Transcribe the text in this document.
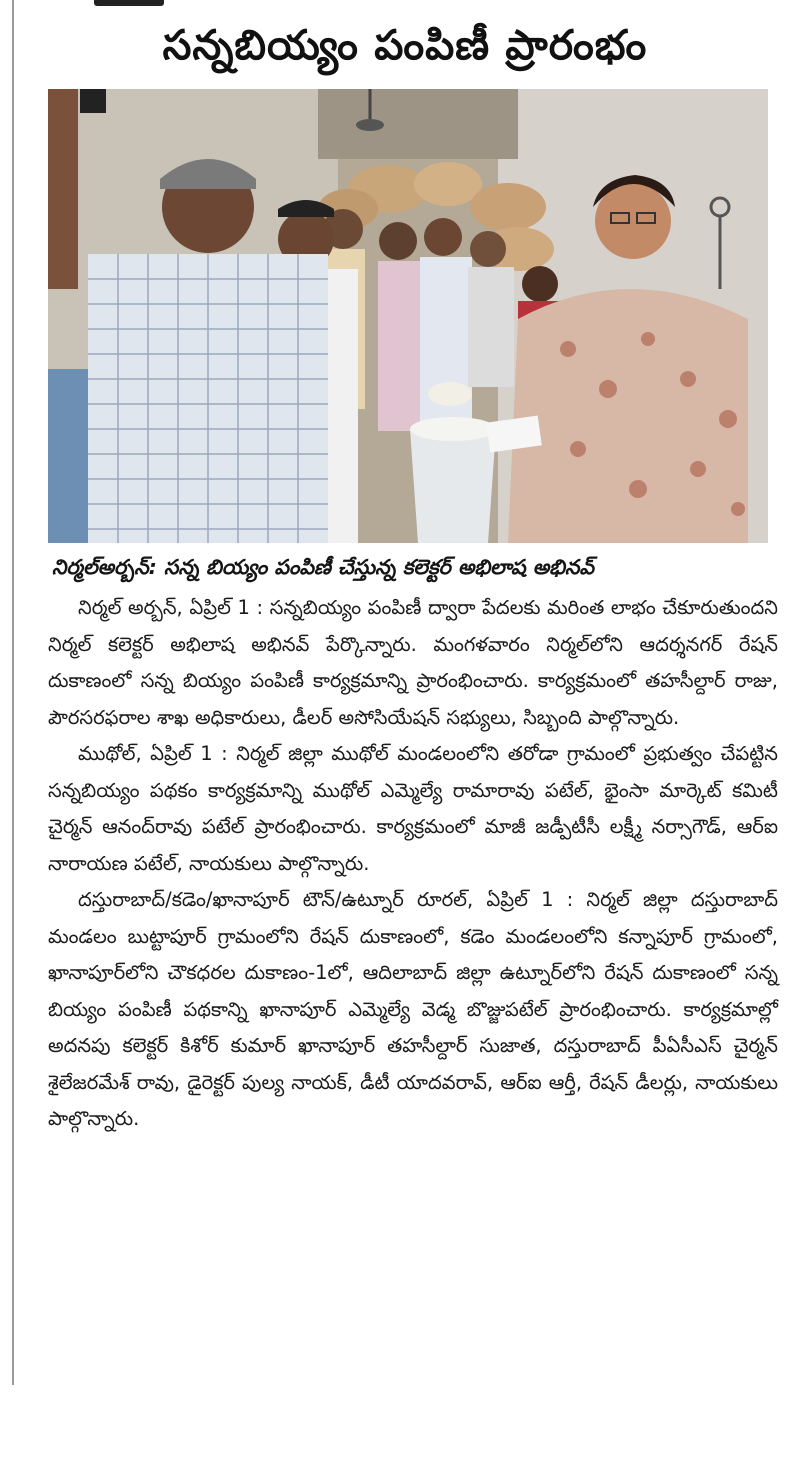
సన్నబియ్యం పంపిణీ ప్రారంభం
నిర్మల్‌అర్బన్‌: సన్న బియ్యం పంపిణీ చేస్తున్న కలెక్టర్‌ అభిలాష అభినవ్‌

నిర్మల్ అర్బన్, ఏప్రిల్ 1 : సన్నబియ్యం పంపిణీ ద్వారా పేదలకు మరింత లాభం చేకూరుతుందని నిర్మల్ కలెక్టర్ అభిలాష అభినవ్ పేర్కొన్నారు. మంగళవారం నిర్మల్‌లోని ఆదర్శనగర్ రేషన్ దుకాణంలో సన్న బియ్యం పంపిణీ కార్యక్రమాన్ని ప్రారంభించారు. కార్యక్రమంలో తహసీల్దార్ రాజు, పౌరసరఫరాల శాఖ అధికారులు, డీలర్ అసోసియేషన్ సభ్యులు, సిబ్బంది పాల్గొన్నారు.

ముథోల్, ఏప్రిల్ 1 : నిర్మల్ జిల్లా ముథోల్ మండలంలోని తరోడా గ్రామంలో ప్రభుత్వం చేపట్టిన సన్నబియ్యం పథకం కార్యక్రమాన్ని ముథోల్ ఎమ్మెల్యే రామారావు పటేల్, భైంసా మార్కెట్ కమిటీ చైర్మన్ ఆనంద్‌రావు పటేల్ ప్రారంభించారు. కార్యక్రమంలో మాజీ జడ్పీటీసీ లక్ష్మీ నర్సాగౌడ్, ఆర్ఐ నారాయణ పటేల్, నాయకులు పాల్గొన్నారు.

దస్తురాబాద్/కడెం/ఖానాపూర్ టౌన్/ఉట్నూర్ రూరల్, ఏప్రిల్ 1 : నిర్మల్ జిల్లా దస్తురాబాద్ మండలం బుట్టాపూర్ గ్రామంలోని రేషన్ దుకాణంలో, కడెం మండలంలోని కన్నాపూర్ గ్రామంలో, ఖానాపూర్‌లోని చౌకధరల దుకాణం-1లో, ఆదిలాబాద్ జిల్లా ఉట్నూర్‌లోని రేషన్ దుకాణంలో సన్న బియ్యం పంపిణీ పథకాన్ని ఖానాపూర్ ఎమ్మెల్యే వెడ్మ బొజ్జుపటేల్ ప్రారంభించారు. కార్యక్రమాల్లో అదనపు కలెక్టర్ కిశోర్ కుమార్ ఖానాపూర్ తహసీల్దార్ సుజాత, దస్తురాబాద్ పీఏసీఎస్ చైర్మన్ శైలేజరమేశ్ రావు, డైరెక్టర్ పుల్య నాయక్, డీటీ యాదవరావ్, ఆర్ఐ ఆర్తీ, రేషన్ డీలర్లు, నాయకులు పాల్గొన్నారు.
